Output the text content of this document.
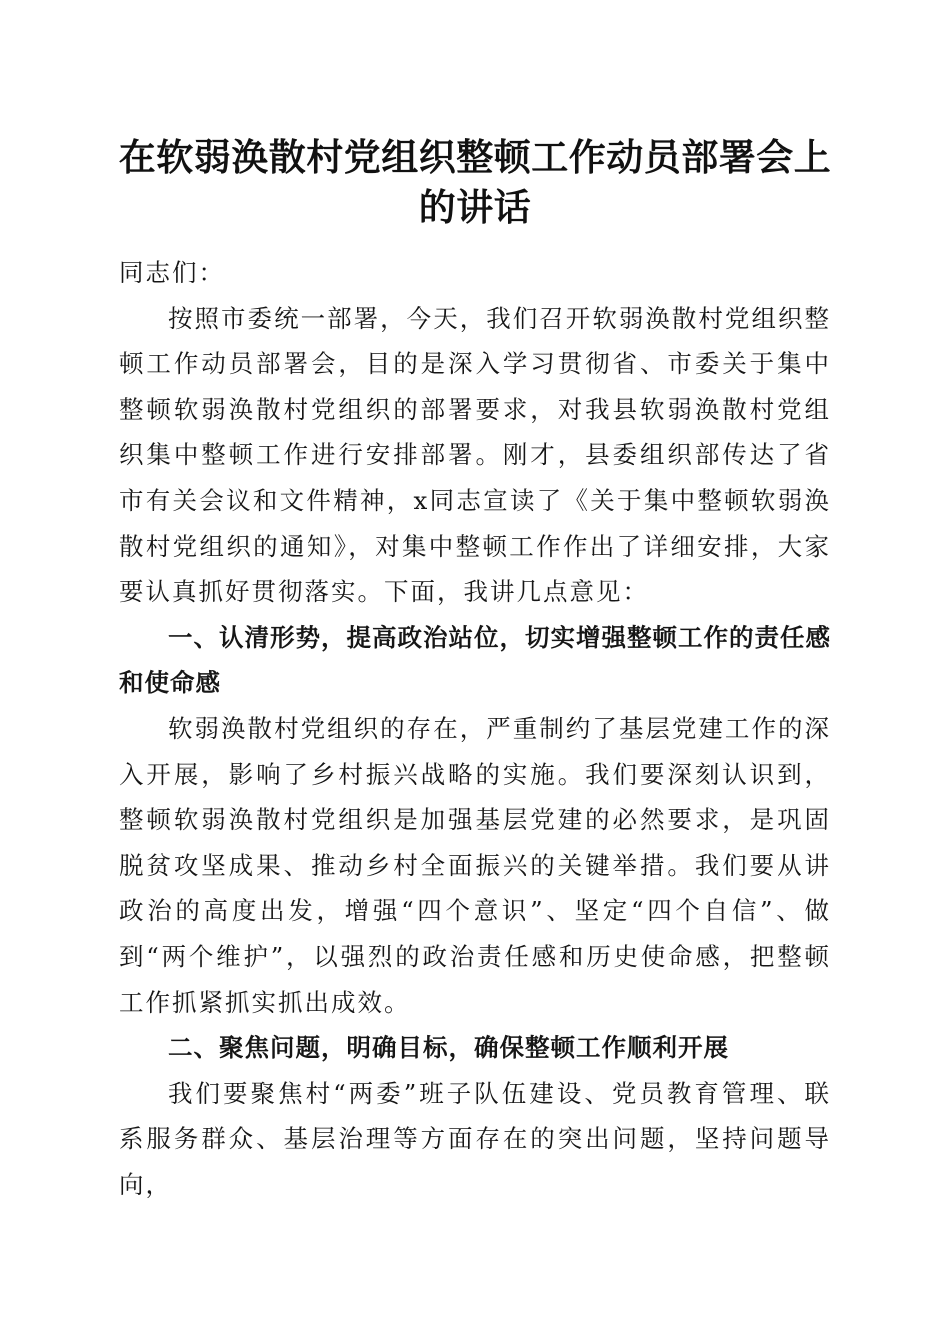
在软弱涣散村党组织整顿工作动员部署会上的讲话

同志们：

按照市委统一部署，今天，我们召开软弱涣散村党组织整顿工作动员部署会，目的是深入学习贯彻省、市委关于集中整顿软弱涣散村党组织的部署要求，对我县软弱涣散村党组织集中整顿工作进行安排部署。刚才，县委组织部传达了省市有关会议和文件精神，x同志宣读了《关于集中整顿软弱涣散村党组织的通知》，对集中整顿工作作出了详细安排，大家要认真抓好贯彻落实。下面，我讲几点意见：

一、认清形势，提高政治站位，切实增强整顿工作的责任感和使命感

软弱涣散村党组织的存在，严重制约了基层党建工作的深入开展，影响了乡村振兴战略的实施。我们要深刻认识到，整顿软弱涣散村党组织是加强基层党建的必然要求，是巩固脱贫攻坚成果、推动乡村全面振兴的关键举措。我们要从讲政治的高度出发，增强“四个意识”、坚定“四个自信”、做到“两个维护”，以强烈的政治责任感和历史使命感，把整顿工作抓紧抓实抓出成效。

二、聚焦问题，明确目标，确保整顿工作顺利开展

我们要聚焦村“两委”班子队伍建设、党员教育管理、联系服务群众、基层治理等方面存在的突出问题，坚持问题导向，
